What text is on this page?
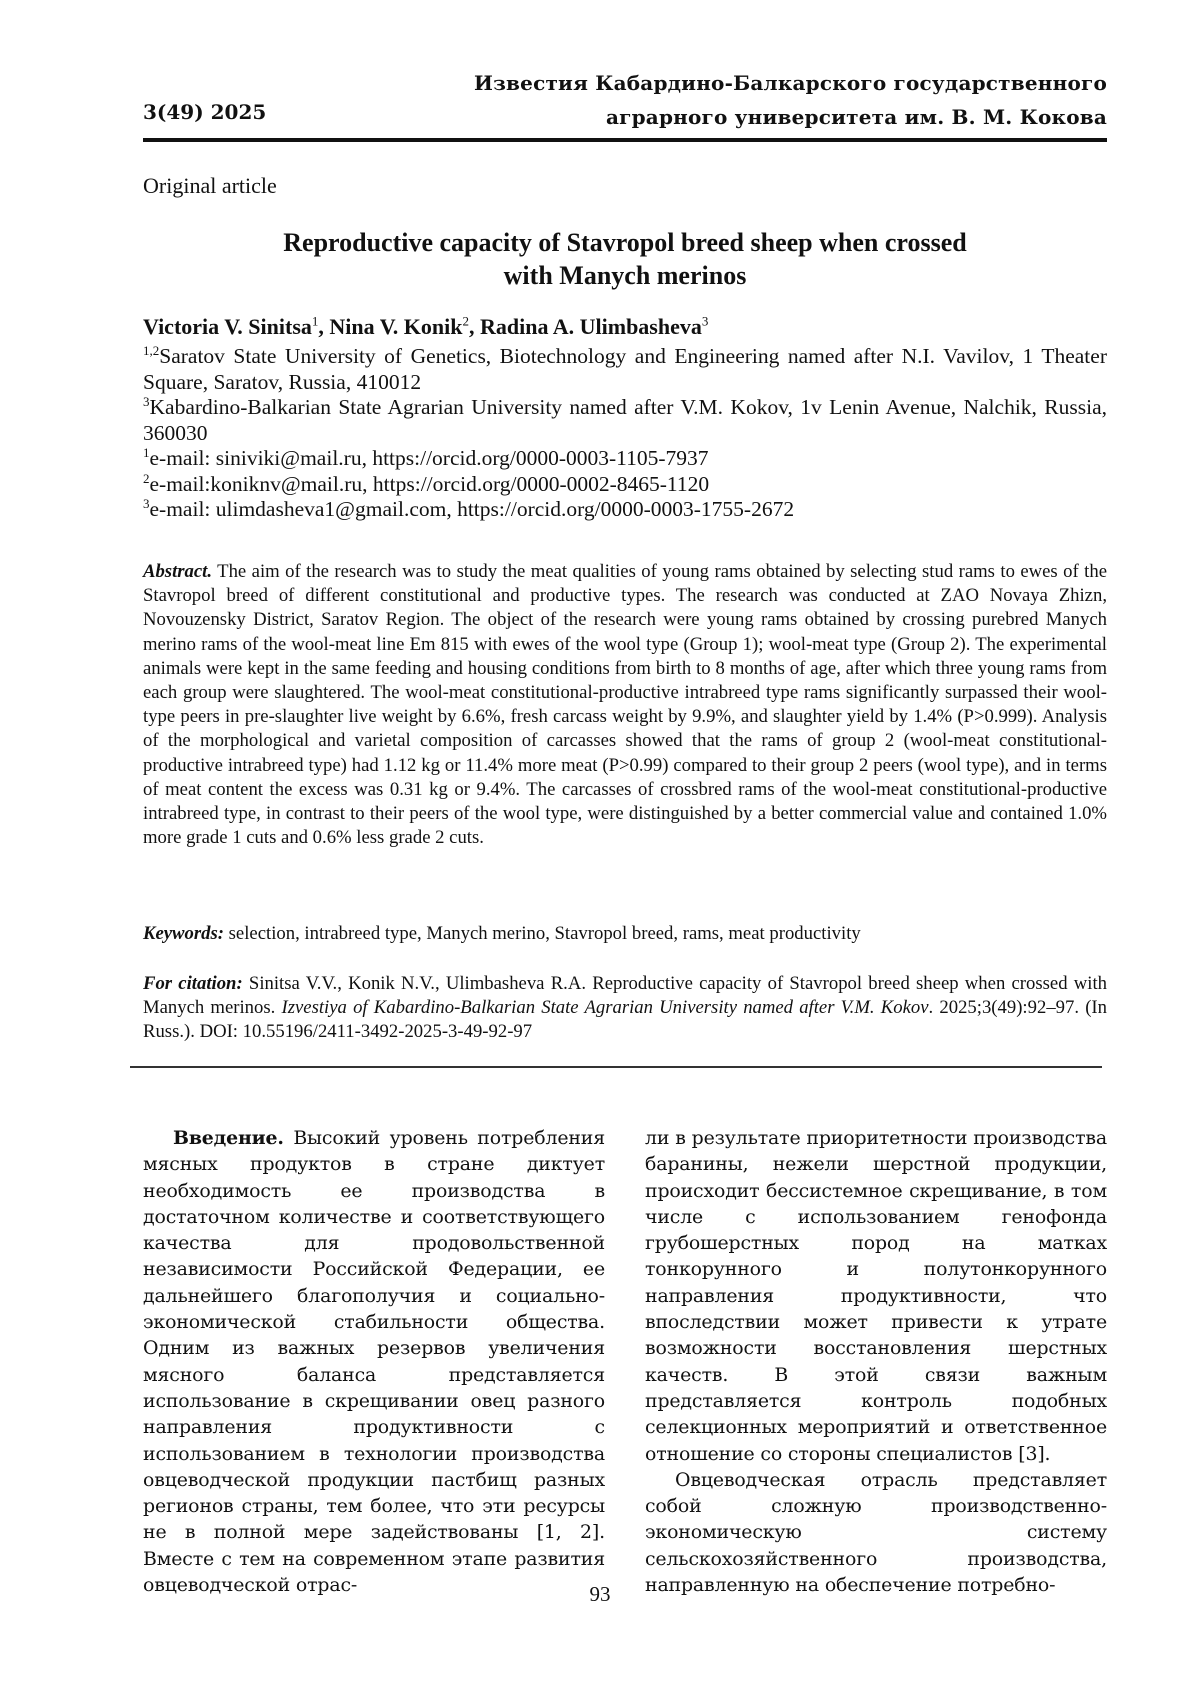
Известия Кабардино-Балкарского государственного
аграрного университета им. В. М. Кокова
3(49) 2025
Original article
Reproductive capacity of Stavropol breed sheep when crossed
with Manych merinos
Victoria V. Sinitsa$^1$, Nina V. Konik$^2$, Radina A. Ulimbasheva$^3$

$^{1,2}$Saratov State University of Genetics, Biotechnology and Engineering named after N.I. Vavilov, 1 Theater Square, Saratov, Russia, 410012

$^3$Kabardino-Balkarian State Agrarian University named after V.M. Kokov, 1v Lenin Avenue, Nalchik, Russia, 360030

$^1$e-mail: siniviki@mail.ru, https://orcid.org/0000-0003-1105-7937

$^2$e-mail:koniknv@mail.ru, https://orcid.org/0000-0002-8465-1120

$^3$e-mail: ulimdasheva1@gmail.com, https://orcid.org/0000-0003-1755-2672

Abstract. The aim of the research was to study the meat qualities of young rams obtained by selecting stud rams to ewes of the Stavropol breed of different constitutional and productive types. The research was conducted at ZAO Novaya Zhizn, Novouzensky District, Saratov Region. The object of the research were young rams obtained by crossing purebred Manych merino rams of the wool-meat line Em 815 with ewes of the wool type (Group 1); wool-meat type (Group 2). The experimental animals were kept in the same feeding and housing conditions from birth to 8 months of age, after which three young rams from each group were slaughtered. The wool-meat constitutional-productive intrabreed type rams significantly surpassed their wool-type peers in pre-slaughter live weight by 6.6%, fresh carcass weight by 9.9%, and slaughter yield by 1.4% (P>0.999). Analysis of the morphological and varietal composition of carcasses showed that the rams of group 2 (wool-meat constitutional-productive intrabreed type) had 1.12 kg or 11.4% more meat (P>0.99) compared to their group 2 peers (wool type), and in terms of meat content the excess was 0.31 kg or 9.4%. The carcasses of crossbred rams of the wool-meat constitutional-productive intrabreed type, in contrast to their peers of the wool type, were distinguished by a better commercial value and contained 1.0% more grade 1 cuts and 0.6% less grade 2 cuts.

Keywords: selection, intrabreed type, Manych merino, Stavropol breed, rams, meat productivity
For citation: Sinitsa V.V., Konik N.V., Ulimbasheva R.A. Reproductive capacity of Stavropol breed sheep when crossed with Manych merinos. Izvestiya of Kabardino-Balkarian State Agrarian University named after V.M. Kokov. 2025;3(49):92–97. (In Russ.). DOI: 10.55196/2411-3492-2025-3-49-92-97

Введение. Высокий уровень потребления мясных продуктов в стране диктует необходимость ее производства в достаточном количестве и соответствующего качества для продовольственной независимости Российской Федерации, ее дальнейшего благополучия и социально-экономической стабильности общества. Одним из важных резервов увеличения мясного баланса представляется использование в скрещивании овец разного направления продуктивности с использованием в технологии производства овцеводческой продукции пастбищ разных регионов страны, тем более, что эти ресурсы не в полной мере задействованы [1, 2]. Вместе с тем на современном этапе развития овцеводческой отрас-

ли в результате приоритетности производства баранины, нежели шерстной продукции, происходит бессистемное скрещивание, в том числе с использованием генофонда грубошерстных пород на матках тонкорунного и полутонкорунного направления продуктивности, что впоследствии может привести к утрате возможности восстановления шерстных качеств. В этой связи важным представляется контроль подобных селекционных мероприятий и ответственное отношение со стороны специалистов [3].

Овцеводческая отрасль представляет собой сложную производственно-экономическую систему сельскохозяйственного производства, направленную на обеспечение потребно-

93
